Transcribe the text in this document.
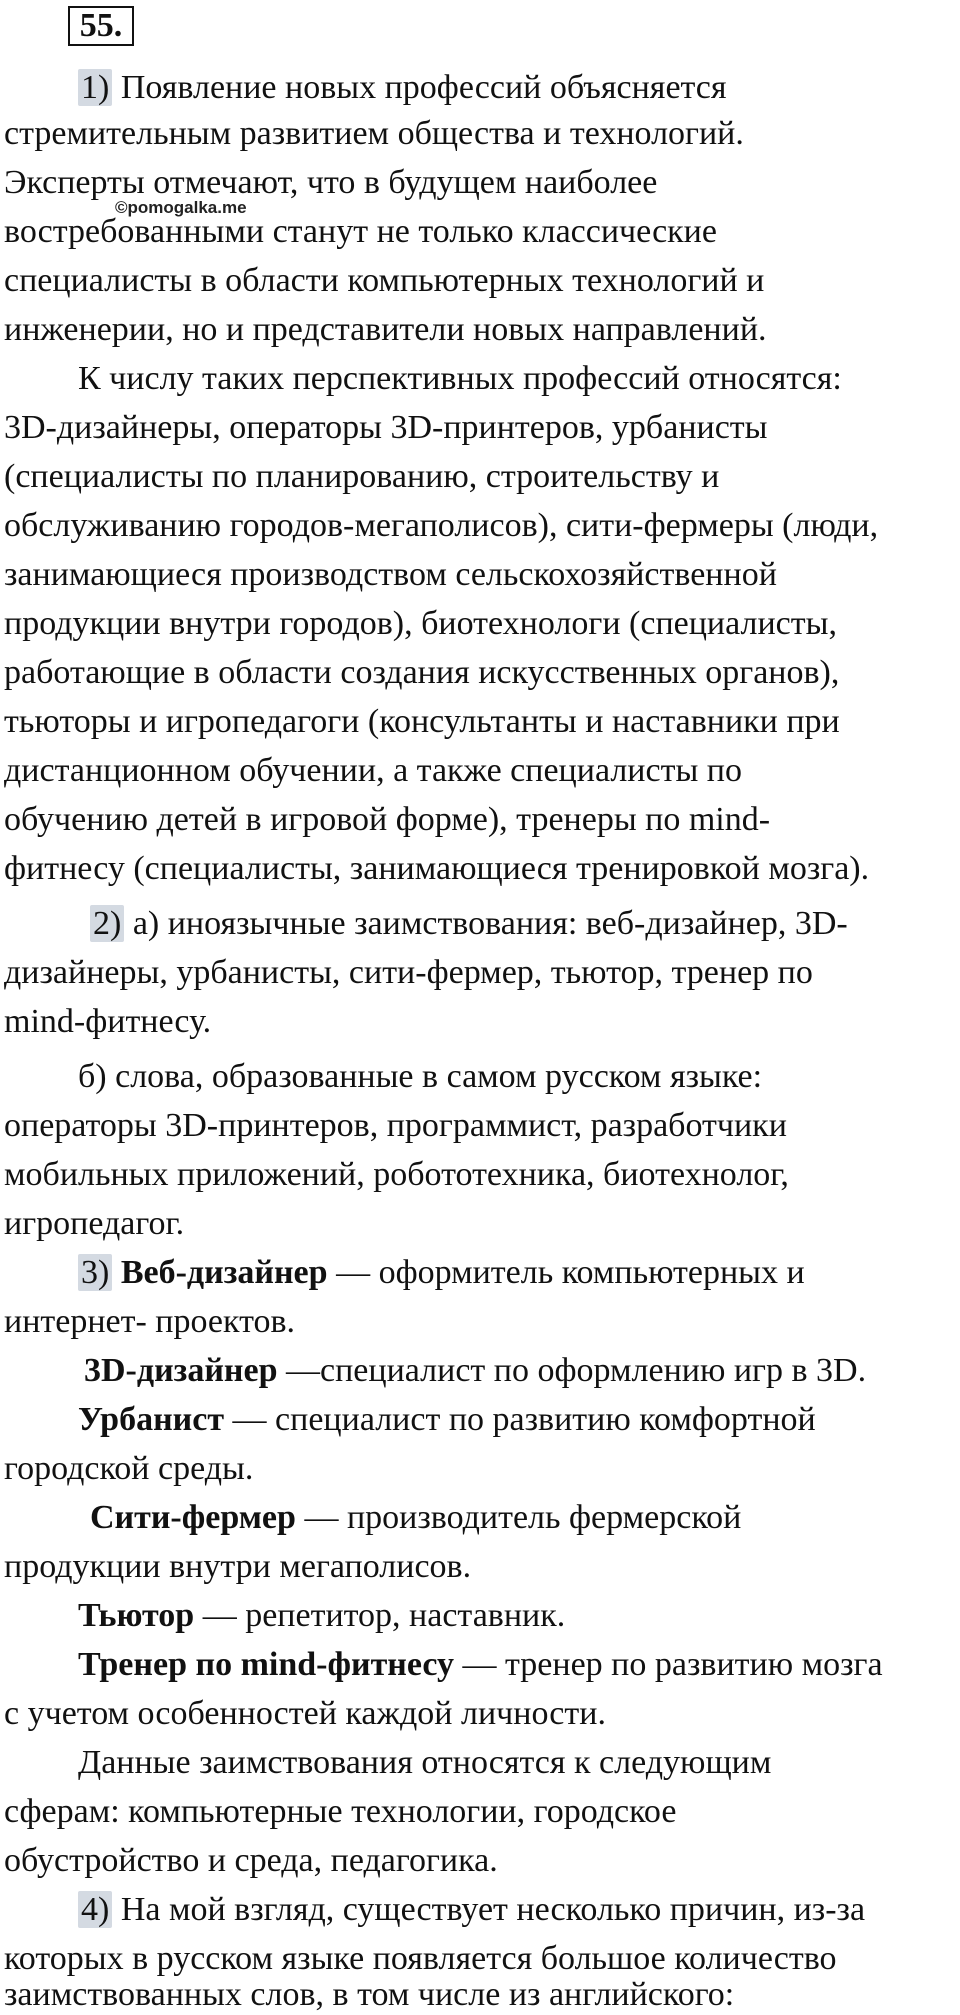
55.
©pomogalka.me
1) Появление новых профессий объясняется
стремительным развитием общества и технологий.
Эксперты отмечают, что в будущем наиболее
востребованными станут не только классические
специалисты в области компьютерных технологий и
инженерии, но и представители новых направлений.
К числу таких перспективных профессий относятся:
3D-дизайнеры, операторы 3D-принтеров, урбанисты
(специалисты по планированию, строительству и
обслуживанию городов-мегаполисов), сити-фермеры (люди,
занимающиеся производством сельскохозяйственной
продукции внутри городов), биотехнологи (специалисты,
работающие в области создания искусственных органов),
тьюторы и игропедагоги (консультанты и наставники при
дистанционном обучении, а также специалисты по
обучению детей в игровой форме), тренеры по mind-
фитнесу (специалисты, занимающиеся тренировкой мозга).
2) а) иноязычные заимствования: веб-дизайнер, 3D-
дизайнеры, урбанисты, сити-фермер, тьютор, тренер по
mind-фитнесу.
б) слова, образованные в самом русском языке:
операторы 3D-принтеров, программист, разработчики
мобильных приложений, робототехника, биотехнолог,
игропедагог.
3) Веб-дизайнер — оформитель компьютерных и
интернет- проектов.
3D-дизайнер —специалист по оформлению игр в 3D.
Урбанист — специалист по развитию комфортной
городской среды.
Сити-фермер — производитель фермерской
продукции внутри мегаполисов.
Тьютор — репетитор, наставник.
Тренер по mind-фитнесу — тренер по развитию мозга
с учетом особенностей каждой личности.
Данные заимствования относятся к следующим
сферам: компьютерные технологии, городское
обустройство и среда, педагогика.
4) На мой взгляд, существует несколько причин, из-за
которых в русском языке появляется большое количество
заимствованных слов, в том числе из английского:
